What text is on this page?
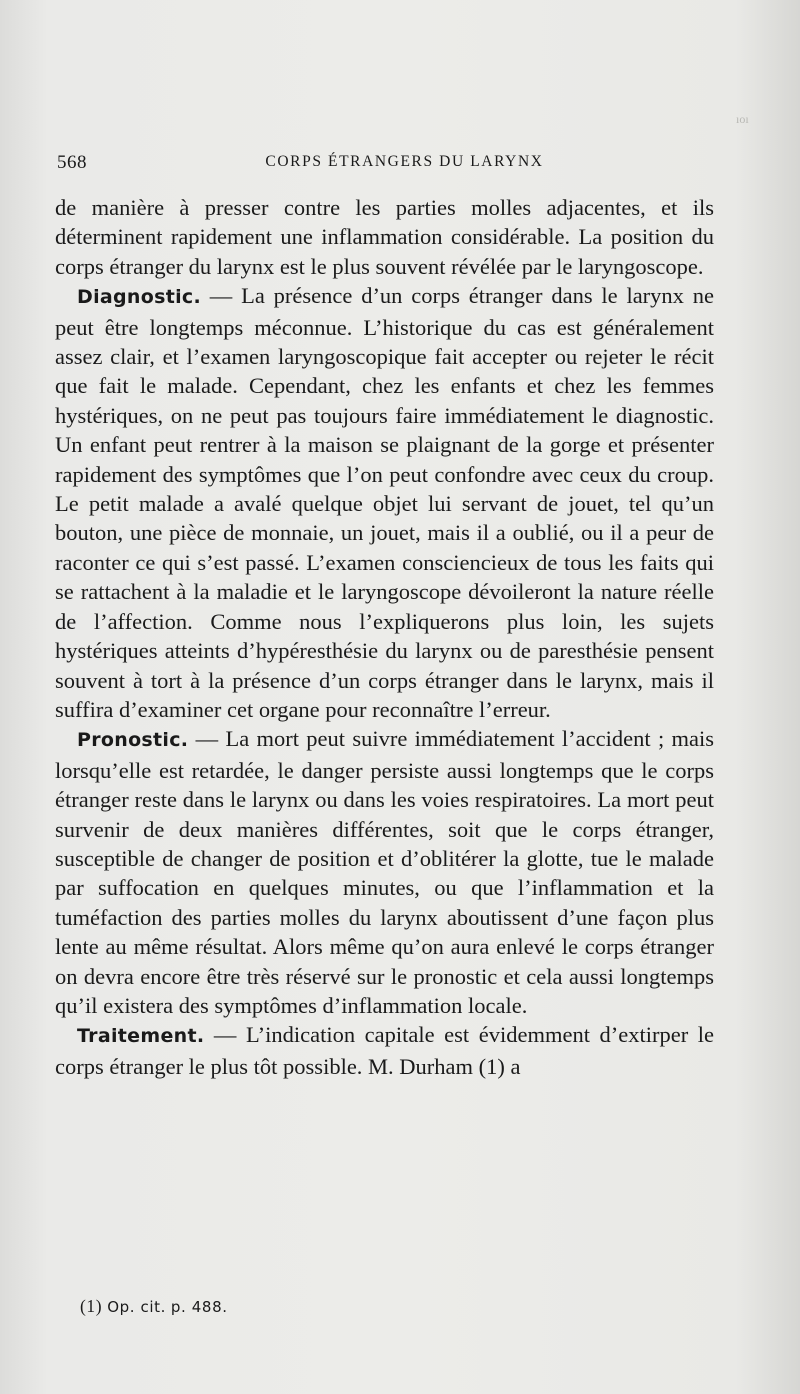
ıoı
568	CORPS ÉTRANGERS DU LARYNX

de manière à presser contre les parties molles adjacentes, et ils déterminent rapidement une inflammation considérable. La position du corps étranger du larynx est le plus souvent révélée par le laryngoscope.

Diagnostic. — La présence d’un corps étranger dans le larynx ne peut être longtemps méconnue. L’historique du cas est généralement assez clair, et l’examen laryngoscopique fait accepter ou rejeter le récit que fait le malade. Cependant, chez les enfants et chez les femmes hystériques, on ne peut pas toujours faire immédiatement le diagnostic. Un enfant peut rentrer à la maison se plaignant de la gorge et présenter rapidement des symptômes que l’on peut confondre avec ceux du croup. Le petit malade a avalé quelque objet lui servant de jouet, tel qu’un bouton, une pièce de monnaie, un jouet, mais il a oublié, ou il a peur de raconter ce qui s’est passé. L’examen consciencieux de tous les faits qui se rattachent à la maladie et le laryngoscope dévoileront la nature réelle de l’affection. Comme nous l’expliquerons plus loin, les sujets hystériques atteints d’hypéresthésie du larynx ou de paresthésie pensent souvent à tort à la présence d’un corps étranger dans le larynx, mais il suffira d’examiner cet organe pour reconnaître l’erreur.

Pronostic. — La mort peut suivre immédiatement l’accident ; mais lorsqu’elle est retardée, le danger persiste aussi longtemps que le corps étranger reste dans le larynx ou dans les voies respiratoires. La mort peut survenir de deux manières différentes, soit que le corps étranger, susceptible de changer de position et d’oblitérer la glotte, tue le malade par suffocation en quelques minutes, ou que l’inflammation et la tuméfaction des parties molles du larynx aboutissent d’une façon plus lente au même résultat. Alors même qu’on aura enlevé le corps étranger on devra encore être très réservé sur le pronostic et cela aussi longtemps qu’il existera des symptômes d’inflammation locale.

Traitement. — L’indication capitale est évidemment d’extirper le corps étranger le plus tôt possible. M. Durham (1) a

(1) Op. cit. p. 488.
